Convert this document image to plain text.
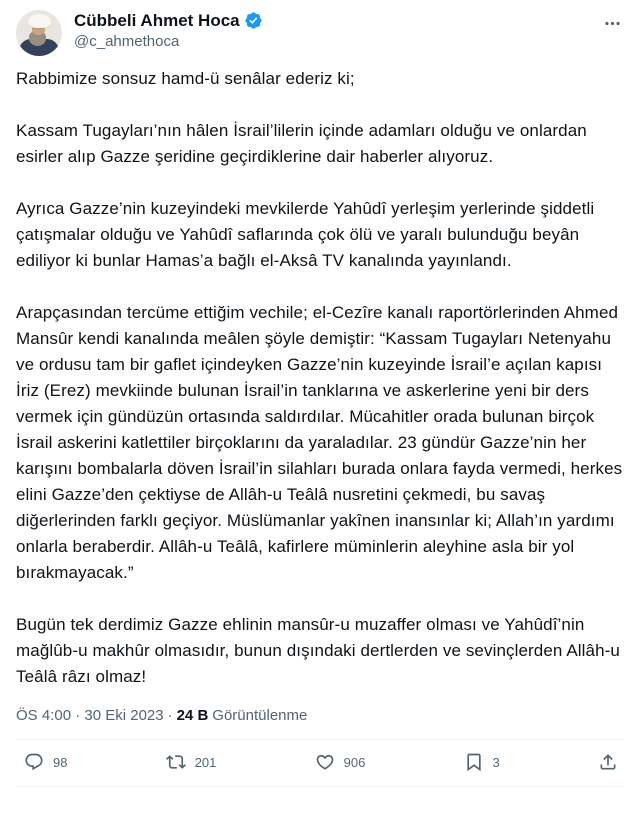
Cübbeli Ahmet Hoca
@c_ahmethoca

Rabbimize sonsuz hamd-ü senâlar ederiz ki;

Kassam Tugayları’nın hâlen İsrail’lilerin içinde adamları olduğu ve onlardan esirler alıp Gazze şeridine geçirdiklerine dair haberler alıyoruz.

Ayrıca Gazze’nin kuzeyindeki mevkilerde Yahûdî yerleşim yerlerinde şiddetli çatışmalar olduğu ve Yahûdî saflarında çok ölü ve yaralı bulunduğu beyân ediliyor ki bunlar Hamas’a bağlı el-Aksâ TV kanalında yayınlandı.

Arapçasından tercüme ettiğim vechile; el-Cezîre kanalı raportörlerinden Ahmed Mansûr kendi kanalında meâlen şöyle demiştir: “Kassam Tugayları Netenyahu ve ordusu tam bir gaflet içindeyken Gazze’nin kuzeyinde İsrail’e açılan kapısı İriz (Erez) mevkiinde bulunan İsrail’in tanklarına ve askerlerine yeni bir ders vermek için gündüzün ortasında saldırdılar. Mücahitler orada bulunan birçok İsrail askerini katlettiler birçoklarını da yaraladılar. 23 gündür Gazze’nin her karışını bombalarla döven İsrail’in silahları burada onlara fayda vermedi, herkes elini Gazze’den çektiyse de Allâh-u Teâlâ nusretini çekmedi, bu savaş diğerlerinden farklı geçiyor. Müslümanlar yakînen inansınlar ki; Allah’ın yardımı onlarla beraberdir. Allâh-u Teâlâ, kafirlere müminlerin aleyhine asla bir yol bırakmayacak.”

Bugün tek derdimiz Gazze ehlinin mansûr-u muzaffer olması ve Yahûdî’nin mağlûb-u makhûr olmasıdır, bunun dışındaki dertlerden ve sevinçlerden Allâh-u Teâlâ râzı olmaz!

ÖS 4:00 · 30 Eki 2023 · 24 B Görüntülenme
98	201	906	3
